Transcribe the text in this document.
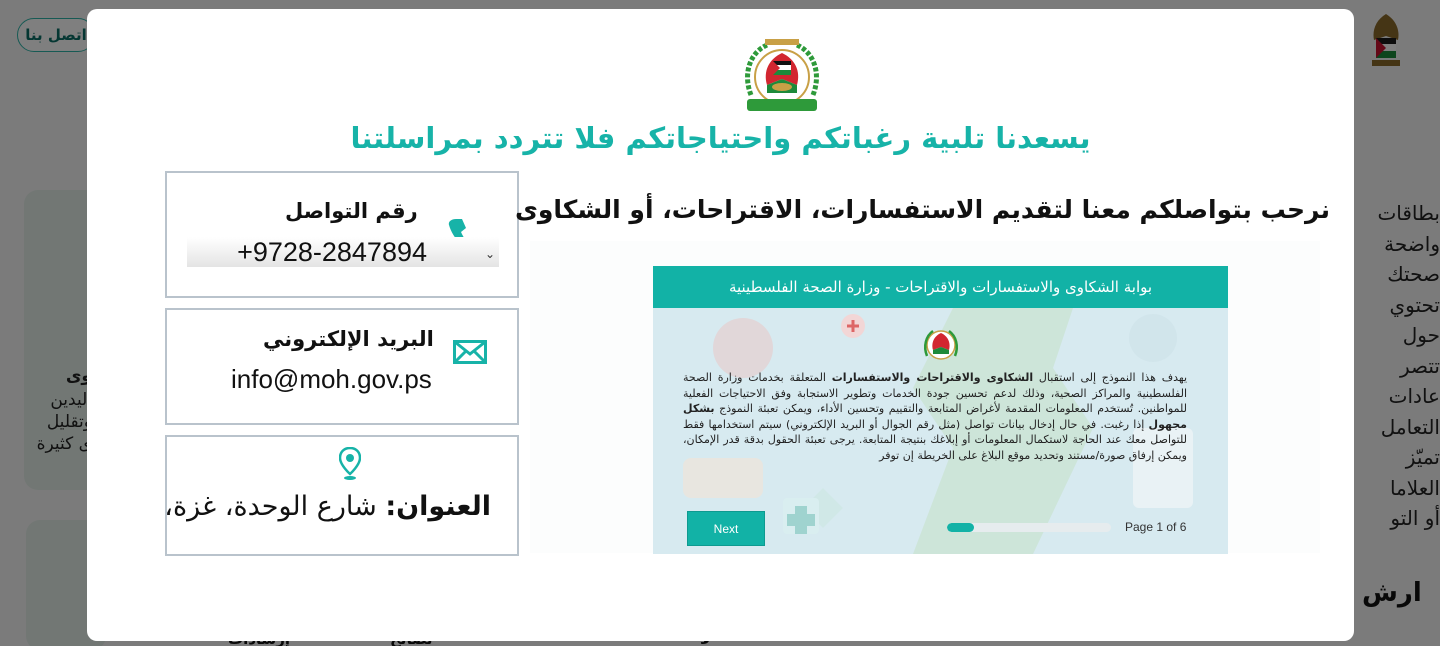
يسعدنا تلبية رغباتكم واحتياجاتكم فلا تتردد بمراسلتنا
رقم التواصل
+9728-2847894	⌄
البريد الإلكتروني
info@moh.gov.ps
العنوان: شارع الوحدة، غزة،
نرحب بتواصلكم معنا لتقديم الاستفسارات، الاقتراحات، أو الشكاوى
بوابة الشكاوى والاستفسارات والاقتراحات - وزارة الصحة الفلسطينية
يهدف هذا النموذج إلى استقبال الشكاوى والاقتراحات والاستفسارات المتعلقة بخدمات وزارة الصحة الفلسطينية والمراكز الصحية، وذلك لدعم تحسين جودة الخدمات وتطوير الاستجابة وفق الاحتياجات الفعلية للمواطنين. تُستخدم المعلومات المقدمة لأغراض المتابعة والتقييم وتحسين الأداء، ويمكن تعبئة النموذج بشكل مجهول إذا رغبت. في حال إدخال بيانات تواصل (مثل رقم الجوال أو البريد الإلكتروني) سيتم استخدامها فقط للتواصل معك عند الحاجة لاستكمال المعلومات أو إبلاغك بنتيجة المتابعة. يرجى تعبئة الحقول بدقة قدر الإمكان، ويمكن إرفاق صورة/مستند وتحديد موقع البلاغ على الخريطة إن توفر
Next	Page 1 of 6
